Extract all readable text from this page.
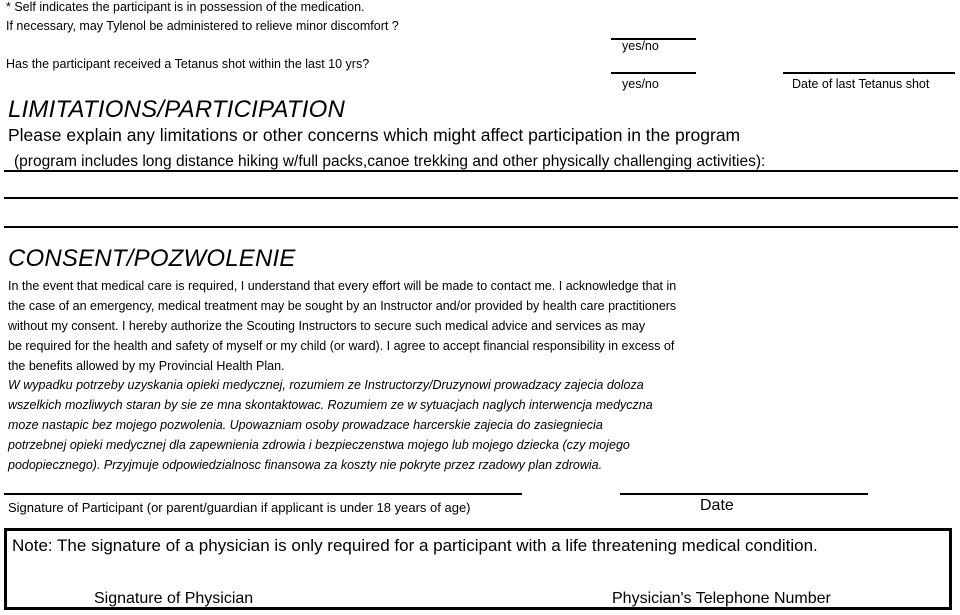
* Self indicates the participant is in possession of the medication.
If necessary, may Tylenol be administered to relieve minor discomfort ?
Has the participant received a Tetanus shot within the last 10 yrs?
yes/no
yes/no	Date of last Tetanus shot
LIMITATIONS/PARTICIPATION
Please explain any limitations or other concerns which might affect participation in the program
(program includes long distance hiking w/full packs,canoe trekking and other physically challenging activities):
CONSENT/POZWOLENIE
In the event that medical care is required, I understand that every effort will be made to contact me. I acknowledge that in
the case of an emergency, medical treatment may be sought by an Instructor and/or provided by health care practitioners
without my consent. I hereby authorize the Scouting Instructors to secure such medical advice and services as may
be required for the health and safety of myself or my child (or ward). I agree to accept financial responsibility in excess of
the benefits allowed by my Provincial Health Plan.
W wypadku potrzeby uzyskania opieki medycznej, rozumiem ze Instructorzy/Druzynowi prowadzacy zajecia doloza
wszelkich mozliwych staran by sie ze mna skontaktowac. Rozumiem ze w sytuacjach naglych interwencja medyczna
moze nastapic bez mojego pozwolenia. Upowazniam osoby prowadzace harcerskie zajecia do zasiegniecia
potrzebnej opieki medycznej dla zapewnienia zdrowia i bezpieczenstwa mojego lub mojego dziecka (czy mojego
podopiecznego). Przyjmuje odpowiedzialnosc finansowa za koszty nie pokryte przez rzadowy plan zdrowia.
Signature of Participant (or parent/guardian if applicant is under 18 years of age)	Date
Note: The signature of a physician is only required for a participant with a life threatening medical condition.
Signature of Physician	Physician's Telephone Number
